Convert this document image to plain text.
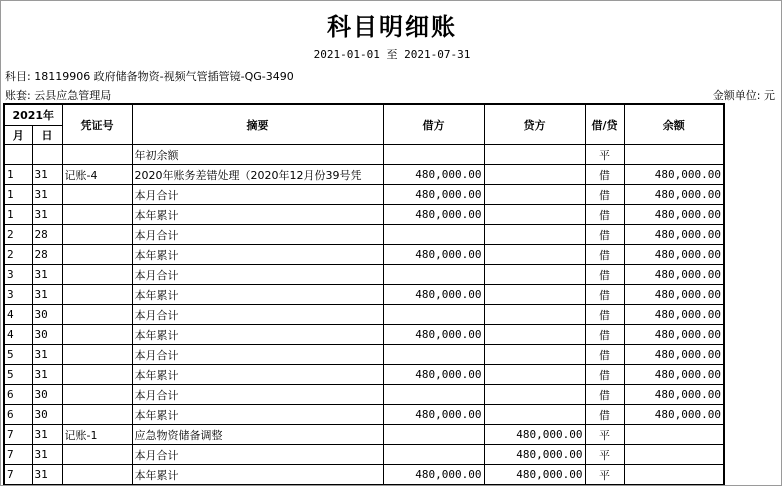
科目明细账
2021-01-01 至 2021-07-31
科目: 18119906 政府储备物资-视频气管插管镜-QG-3490
账套: 云县应急管理局	金额单位: 元
2021年		凭证号	摘要	借方	贷方	借/贷	余额
月	日						
			年初余额			平	
1	31	记账-4	2020年账务差错处理（2020年12月份39号凭	480,000.00		借	480,000.00
1	31		本月合计	480,000.00		借	480,000.00
1	31		本年累计	480,000.00		借	480,000.00
2	28		本月合计			借	480,000.00
2	28		本年累计	480,000.00		借	480,000.00
3	31		本月合计			借	480,000.00
3	31		本年累计	480,000.00		借	480,000.00
4	30		本月合计			借	480,000.00
4	30		本年累计	480,000.00		借	480,000.00
5	31		本月合计			借	480,000.00
5	31		本年累计	480,000.00		借	480,000.00
6	30		本月合计			借	480,000.00
6	30		本年累计	480,000.00		借	480,000.00
7	31	记账-1	应急物资储备调整		480,000.00	平	
7	31		本月合计		480,000.00	平	
7	31		本年累计	480,000.00	480,000.00	平	
